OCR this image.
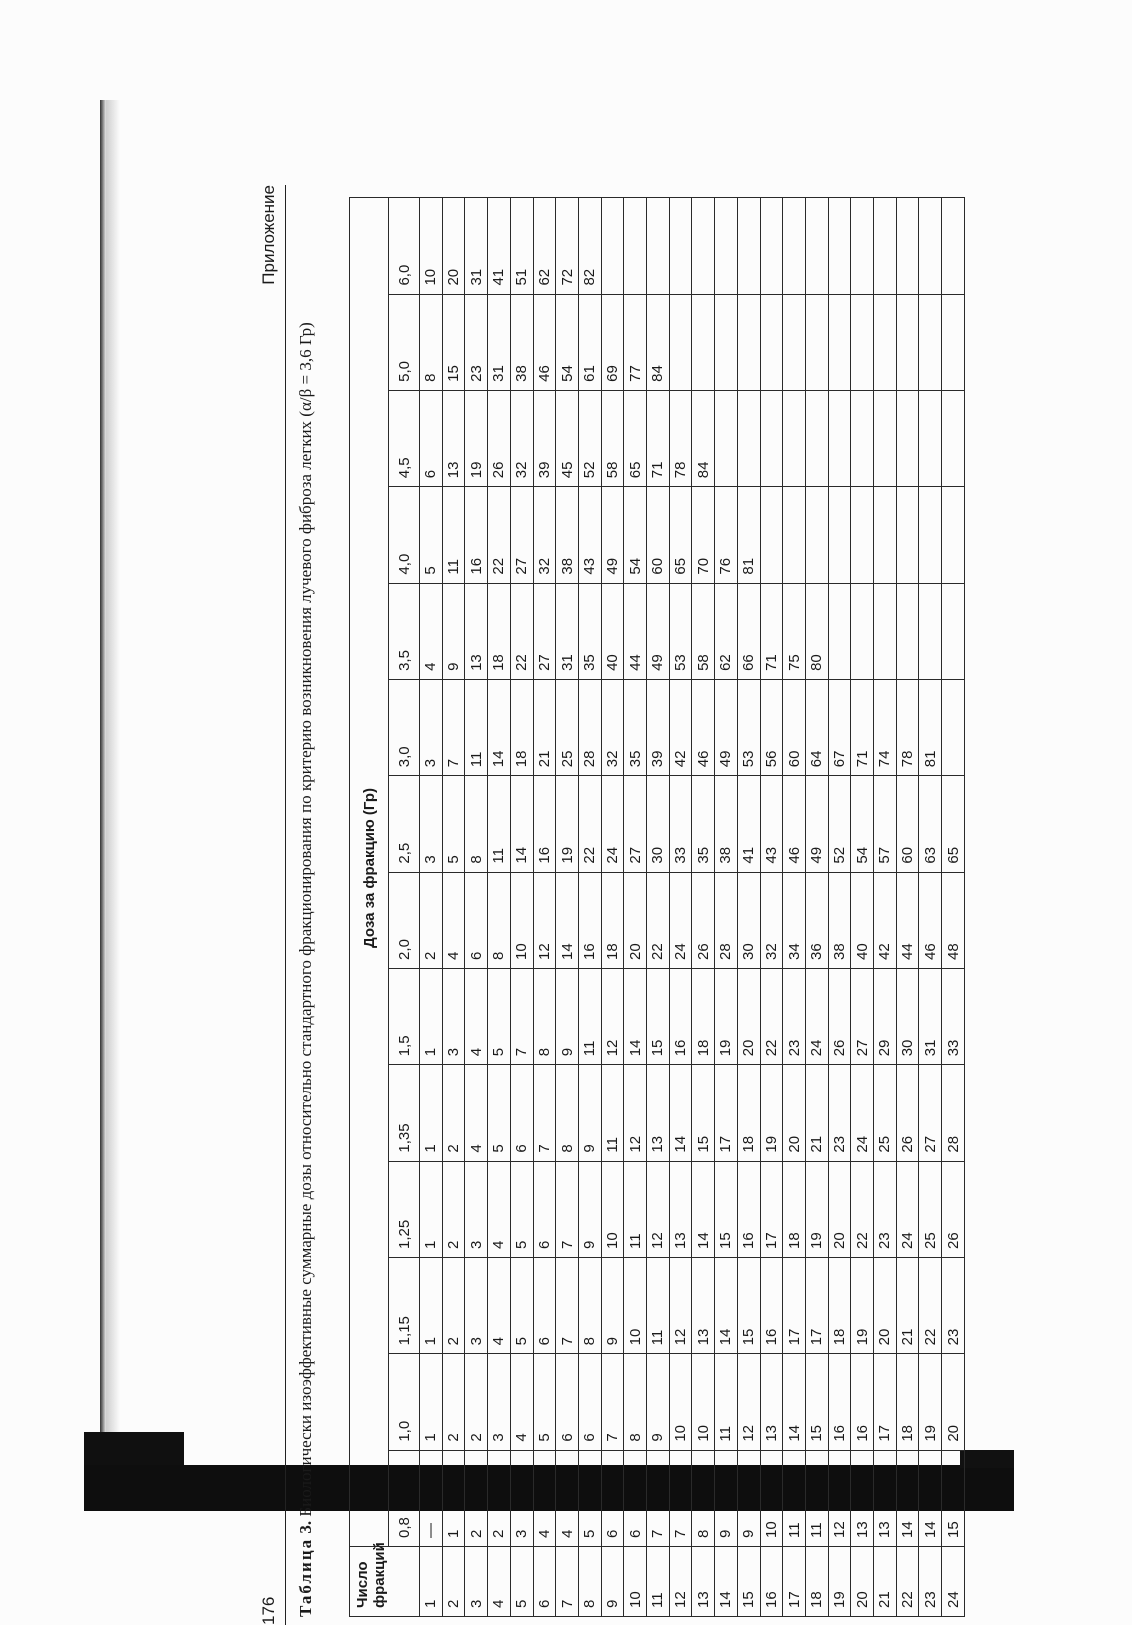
176
Приложение
Таблица 3. Биологически изоэффективные суммарные дозы относительно стандартного фракционирования по критерию возникновения лучевого фиброза легких (α/β = 3,6 Гр)
Число фракций	Доза за фракцию (Гр)													
	0,8	1,0	1,15	1,25	1,35	1,5	2,0	2,5	3,0	3,5	4,0	4,5	5,0	6,0
1	—	1	1	1	1	1	2	3	3	4	5	6	8	10
2	1	2	2	2	2	3	4	5	7	9	11	13	15	20
3	2	2	3	3	4	4	6	8	11	13	16	19	23	31
4	2	3	4	4	5	5	8	11	14	18	22	26	31	41
5	3	4	5	5	6	7	10	14	18	22	27	32	38	51
6	4	5	6	6	7	8	12	16	21	27	32	39	46	62
7	4	6	7	7	8	9	14	19	25	31	38	45	54	72
8	5	6	8	9	9	11	16	22	28	35	43	52	61	82
9	6	7	9	10	11	12	18	24	32	40	49	58	69	
10	6	8	10	11	12	14	20	27	35	44	54	65	77	
11	7	9	11	12	13	15	22	30	39	49	60	71	84	
12	7	10	12	13	14	16	24	33	42	53	65	78		
13	8	10	13	14	15	18	26	35	46	58	70	84		
14	9	11	14	15	17	19	28	38	49	62	76			
15	9	12	15	16	18	20	30	41	53	66	81			
16	10	13	16	17	19	22	32	43	56	71				
17	11	14	17	18	20	23	34	46	60	75				
18	11	15	17	19	21	24	36	49	64	80				
19	12	16	18	20	23	26	38	52	67					
20	13	16	19	22	24	27	40	54	71					
21	13	17	20	23	25	29	42	57	74					
22	14	18	21	24	26	30	44	60	78					
23	14	19	22	25	27	31	46	63	81					
24	15	20	23	26	28	33	48	65						
